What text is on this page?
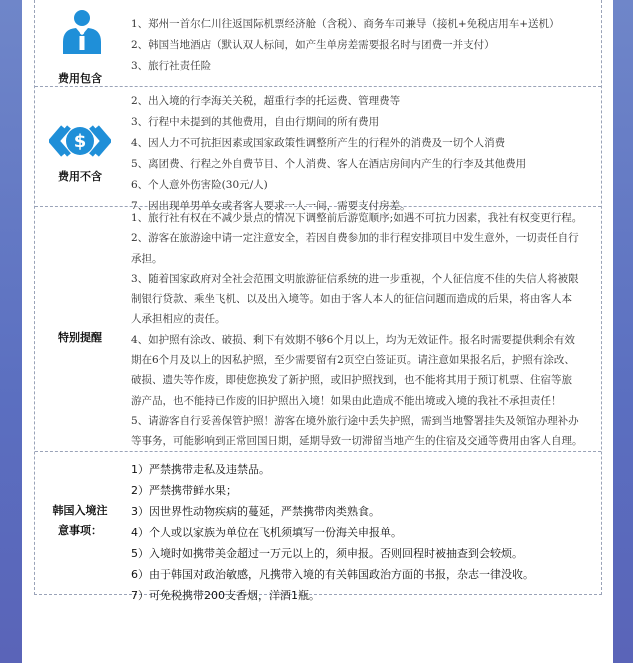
费用包含

1、郑州一首尔仁川往返国际机票经济舱（含税）、商务车司兼导（接机+免税店用车+送机）

2、韩国当地酒店（默认双人标间，如产生单房差需要报名时与团费一并支付）

3、旅行社责任险

$
费用不含

2、出入境的行李海关关税，超重行李的托运费、管理费等

3、行程中未提到的其他费用，自由行期间的所有费用

4、因人力不可抗拒因素或国家政策性调整所产生的行程外的消费及一切个人消费

5、离团费、行程之外自费节目、个人消费、客人在酒店房间内产生的行李及其他费用

6、个人意外伤害险(30元/人)

7、因出现单男单女或者客人要求一人一间，需要支付房差。

特别提醒

1、旅行社有权在不减少景点的情况下调整前后游览顺序;如遇不可抗力因素，我社有权变更行程。

2、游客在旅游途中请一定注意安全，若因自费参加的非行程安排项目中发生意外，一切责任自行

承担。

3、随着国家政府对全社会范围文明旅游征信系统的进一步重视，个人征信度不佳的失信人将被限

制银行贷款、乘坐飞机、以及出入境等。如由于客人本人的征信问题而造成的后果，将由客人本

人承担相应的责任。

4、如护照有涂改、破损、剩下有效期不够6个月以上，均为无效证件。报名时需要提供剩余有效

期在6个月及以上的因私护照，至少需要留有2页空白签证页。请注意如果报名后，护照有涂改、

破损、遗失等作废，即使您换发了新护照，或旧护照找到，也不能将其用于预订机票、住宿等旅

游产品，也不能持已作废的旧护照出入境！如果由此造成不能出境或入境的我社不承担责任！

5、请游客自行妥善保管护照！游客在境外旅行途中丢失护照，需到当地警署挂失及领馆办理补办

等事务，可能影响到正常回国日期，延期导致一切滞留当地产生的住宿及交通等费用由客人自理。

韩国入境注
意事项：

1）严禁携带走私及违禁品。

2）严禁携带鲜水果；

3）因世界性动物疾病的蔓延，严禁携带肉类熟食。

4）个人或以家族为单位在飞机须填写一份海关申报单。

5）入境时如携带美金超过一万元以上的，须申报。否则回程时被抽查到会较烦。

6）由于韩国对政治敏感，凡携带入境的有关韩国政治方面的书报，杂志一律没收。

7）可免税携带200支香烟，洋酒1瓶。
